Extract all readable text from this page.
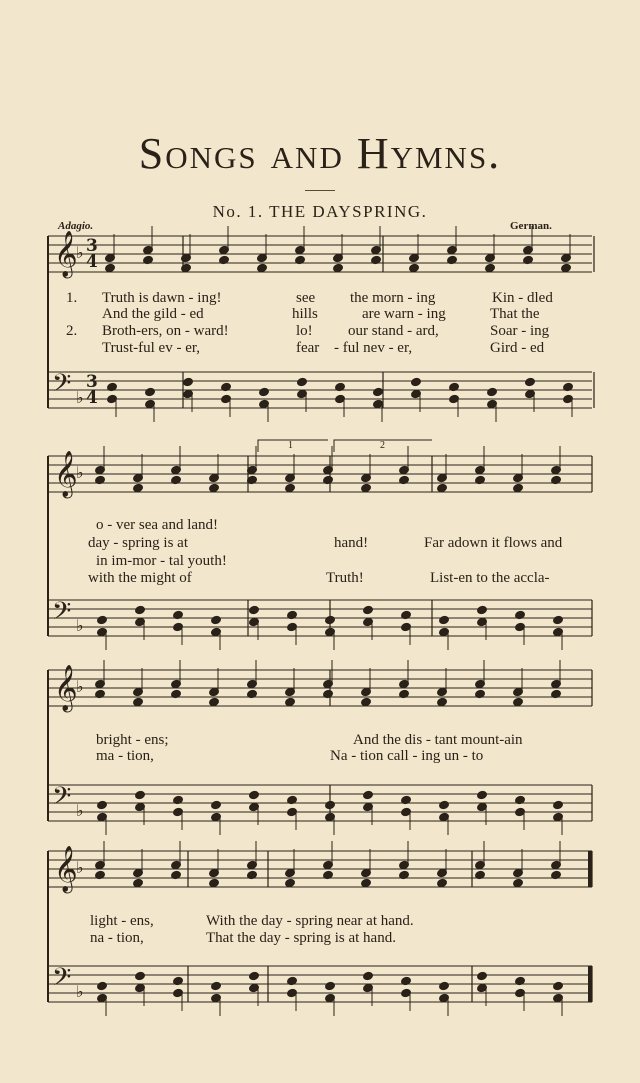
Songs and Hymns.
No. 1. THE DAYSPRING.
Adagio.	German.
𝄞
𝄢
♭
♭
𝄞
𝄢
♭
♭
𝄞
𝄢
♭
♭
𝄞
𝄢
♭
♭
3
3
4
4
1. Truth is dawn - ing!	see the morn - ing	Kin - dled
And the gild - ed	hills	are warn - ing	That the
2. Broth-ers, on - ward!	lo! our stand - ard,	Soar - ing
Trust-ful ev - er,	fear - ful nev - er,	Gird - ed
o - ver sea and land!
day - spring is at	hand!	Far adown it flows and
in im-mor - tal youth!
with the might of	Truth!	List-en to the accla-
bright - ens;	And the dis - tant mount-ain
ma - tion,	Na - tion call - ing un - to
light - ens,	With the day - spring near at hand.
na - tion,	That the day - spring is at hand.
1	2
